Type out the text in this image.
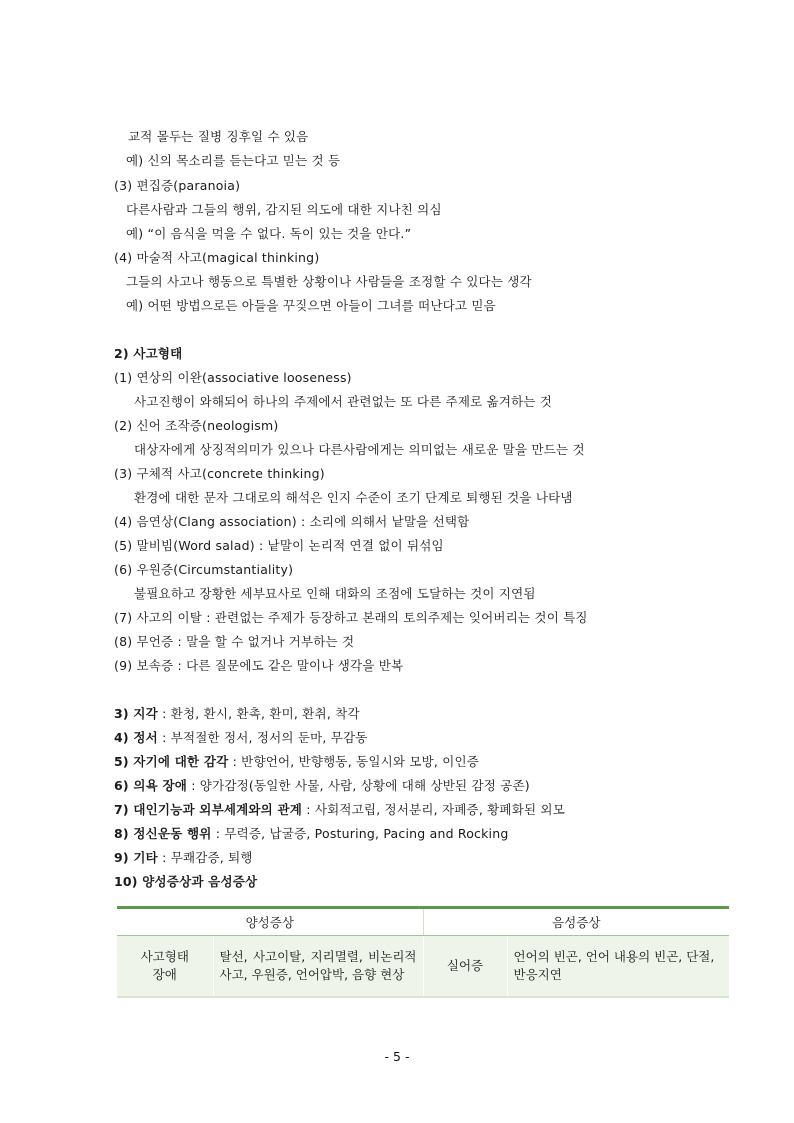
교적 몰두는 질병 징후일 수 있음
예) 신의 목소리를 듣는다고 믿는 것 등
(3) 편집증(paranoia)
다른사람과 그들의 행위, 감지된 의도에 대한 지나친 의심
예) “이 음식을 먹을 수 없다. 독이 있는 것을 안다.”
(4) 마술적 사고(magical thinking)
그들의 사고나 행동으로 특별한 상황이나 사람들을 조정할 수 있다는 생각
예) 어떤 방법으로든 아들을 꾸짖으면 아들이 그녀를 떠난다고 믿음
2) 사고형태
(1) 연상의 이완(associative looseness)
사고진행이 와해되어 하나의 주제에서 관련없는 또 다른 주제로 옮겨하는 것
(2) 신어 조작증(neologism)
대상자에게 상징적의미가 있으나 다른사람에게는 의미없는 새로운 말을 만드는 것
(3) 구체적 사고(concrete thinking)
환경에 대한 문자 그대로의 해석은 인지 수준이 조기 단계로 퇴행된 것을 나타냄
(4) 음연상(Clang association) : 소리에 의해서 낱말을 선택함
(5) 말비빔(Word salad) : 낱말이 논리적 연결 없이 뒤섞임
(6) 우원증(Circumstantiality)
불필요하고 장황한 세부묘사로 인해 대화의 조점에 도달하는 것이 지연됨
(7) 사고의 이탈 : 관련없는 주제가 등장하고 본래의 토의주제는 잊어버리는 것이 특징
(8) 무언증 : 말을 할 수 없거나 거부하는 것
(9) 보속증 : 다른 질문에도 같은 말이나 생각을 반복
3) 지각 : 환청, 환시, 환촉, 환미, 환취, 착각
4) 정서 : 부적절한 정서, 정서의 둔마, 무감동
5) 자기에 대한 감각 : 반향언어, 반향행동, 동일시와 모방, 이인증
6) 의욕 장애 : 양가감정(동일한 사물, 사람, 상황에 대해 상반된 감정 공존)
7) 대인기능과 외부세계와의 관계 : 사회적고립, 정서분리, 자폐증, 황폐화된 외모
8) 정신운동 행위 : 무력증, 납굴증, Posturing, Pacing and Rocking
9) 기타 : 무쾌감증, 퇴행
10) 양성증상과 음성증상
양성증상		음성증상	

사고형태
장애	탈선, 사고이탈, 지리멸렬, 비논리적 사고, 우원증, 언어압박, 음향 현상	실어증	언어의 빈곤, 언어 내용의 빈곤, 단절, 반응지연
- 5 -
